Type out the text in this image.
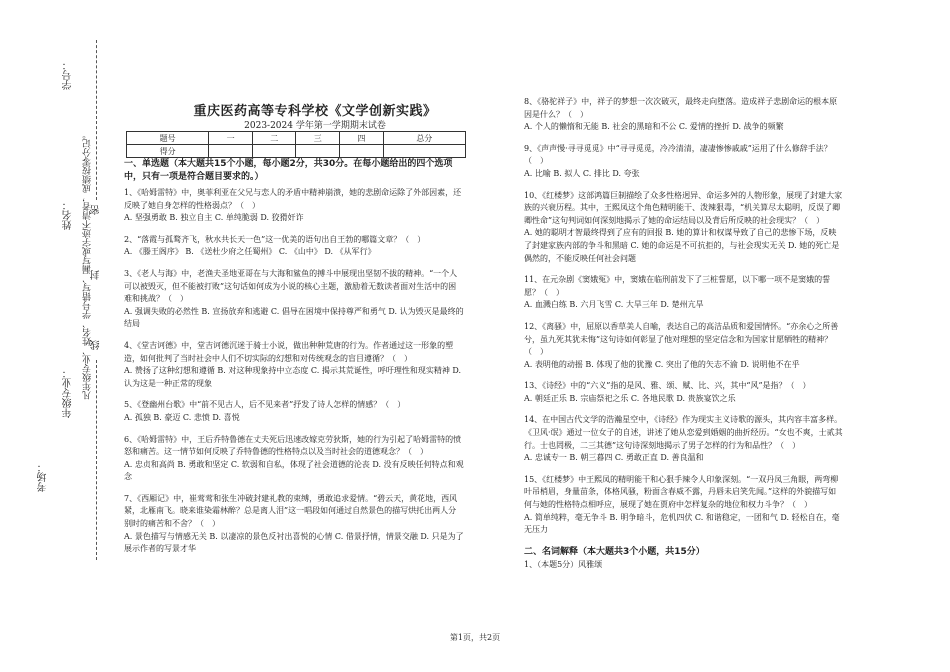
学号：
姓名：
年级专业：
考场：
凡年级专业、姓名、学号错写、漏写或字迹不清者，成绩按零分记。
密
封
线
重庆医药高等专科学校《文学创新实践》
2023-2024 学年第一学期期末试卷
题号	一	二	三	四	总分
得分					
一、单选题（本大题共15个小题，每小题2分，共30分。在每小题给出的四个选项中，只有一项是符合题目要求的。）

1、《哈姆雷特》中，奥菲利亚在父兄与恋人的矛盾中精神崩溃，她的悲剧命运除了外部因素，还反映了她自身怎样的性格弱点？（　）

A. 坚强勇敢 B. 独立自主 C. 单纯脆弱 D. 狡猾奸诈

2、“落霞与孤鹜齐飞，秋水共长天一色”这一优美的语句出自王勃的哪篇文章？（　）

A. 《滕王阁序》 B. 《送杜少府之任蜀州》 C. 《山中》 D. 《从军行》

3、《老人与海》中，老渔夫圣地亚哥在与大海和鲨鱼的搏斗中展现出坚韧不拔的精神。“一个人可以被毁灭，但不能被打败”这句话如何成为小说的核心主题，激励着无数读者面对生活中的困难和挑战？（　）

A. 强调失败的必然性 B. 宣扬放弃和逃避 C. 倡导在困境中保持尊严和勇气 D. 认为毁灭是最终的结局

4、《堂吉诃德》中，堂吉诃德沉迷于骑士小说，做出种种荒唐的行为。作者通过这一形象的塑造，如何批判了当时社会中人们不切实际的幻想和对传统观念的盲目遵循？（　）

A. 赞扬了这种幻想和遵循 B. 对这种现象持中立态度 C. 揭示其荒诞性，呼吁理性和现实精神 D. 认为这是一种正常的现象

5、《登幽州台歌》中“前不见古人，后不见来者”抒发了诗人怎样的情感？（　）

A. 孤独 B. 豪迈 C. 悲愤 D. 喜悦

6、《哈姆雷特》中，王后乔特鲁德在丈夫死后迅速改嫁克劳狄斯，她的行为引起了哈姆雷特的愤怒和痛苦。这一情节如何反映了乔特鲁德的性格特点以及当时社会的道德观念？（　）

A. 忠贞和高尚 B. 勇敢和坚定 C. 软弱和自私，体现了社会道德的沦丧 D. 没有反映任何特点和观念

7、《西厢记》中，崔莺莺和张生冲破封建礼教的束缚，勇敢追求爱情。“碧云天，黄花地，西风紧，北雁南飞。晓来谁染霜林醉？总是离人泪”这一唱段如何通过自然景色的描写烘托出两人分别时的痛苦和不舍？（　）

A. 景色描写与情感无关 B. 以凄凉的景色反衬出喜悦的心情 C. 借景抒情，情景交融 D. 只是为了展示作者的写景才华

8、《骆驼祥子》中，祥子的梦想一次次破灭，最终走向堕落。造成祥子悲剧命运的根本原因是什么？（　）

A. 个人的懒惰和无能 B. 社会的黑暗和不公 C. 爱情的挫折 D. 战争的频繁

9、《声声慢·寻寻觅觅》中“寻寻觅觅，冷冷清清，凄凄惨惨戚戚”运用了什么修辞手法？（　）

A. 比喻 B. 拟人 C. 排比 D. 夸张

10、《红楼梦》这部鸿篇巨制描绘了众多性格迥异、命运多舛的人物形象，展现了封建大家族的兴衰历程。其中，王熙凤这个角色精明能干、泼辣狠毒，“机关算尽太聪明，反误了卿卿性命”这句判词如何深刻地揭示了她的命运结局以及背后所反映的社会现实？（　）

A. 她的聪明才智最终得到了应有的回报 B. 她的算计和权谋导致了自己的悲惨下场，反映了封建家族内部的争斗和黑暗 C. 她的命运是不可抗拒的，与社会现实无关 D. 她的死亡是偶然的，不能反映任何社会问题

11、在元杂剧《窦娥冤》中，窦娥在临刑前发下了三桩誓愿，以下哪一项不是窦娥的誓愿？（　）

A. 血溅白练 B. 六月飞雪 C. 大旱三年 D. 楚州亢旱

12、《离骚》中，屈原以香草美人自喻，表达自己的高洁品质和爱国情怀。“亦余心之所善兮，虽九死其犹未悔”这句诗如何彰显了他对理想的坚定信念和为国家甘愿牺牲的精神？（　）

A. 表明他的动摇 B. 体现了他的犹豫 C. 突出了他的矢志不渝 D. 说明他不在乎

13、《诗经》中的“六义”指的是风、雅、颂、赋、比、兴，其中“风”是指？（　）

A. 朝廷正乐 B. 宗庙祭祀之乐 C. 各地民歌 D. 贵族宴饮之乐

14、在中国古代文学的浩瀚星空中，《诗经》作为现实主义诗歌的源头，其内容丰富多样。《卫风·氓》通过一位女子的自述，讲述了她从恋爱到婚姻的曲折经历。“女也不爽，士贰其行。士也罔极，二三其德”这句诗深刻地揭示了男子怎样的行为和品性？（　）

A. 忠诚专一 B. 朝三暮四 C. 勇敢正直 D. 善良温和

15、《红楼梦》中王熙凤的精明能干和心狠手辣令人印象深刻。“一双丹凤三角眼，两弯柳叶吊梢眉，身量苗条，体格风骚，粉面含春威不露，丹唇未启笑先闻。”这样的外貌描写如何与她的性格特点相呼应，展现了她在贾府中怎样复杂的地位和权力斗争？（　）

A. 简单纯粹，毫无争斗 B. 明争暗斗，危机四伏 C. 和谐稳定，一团和气 D. 轻松自在，毫无压力

二、名词解释（本大题共3个小题，共15分）

1、（本题5分）风雅颂

第1页，共2页
